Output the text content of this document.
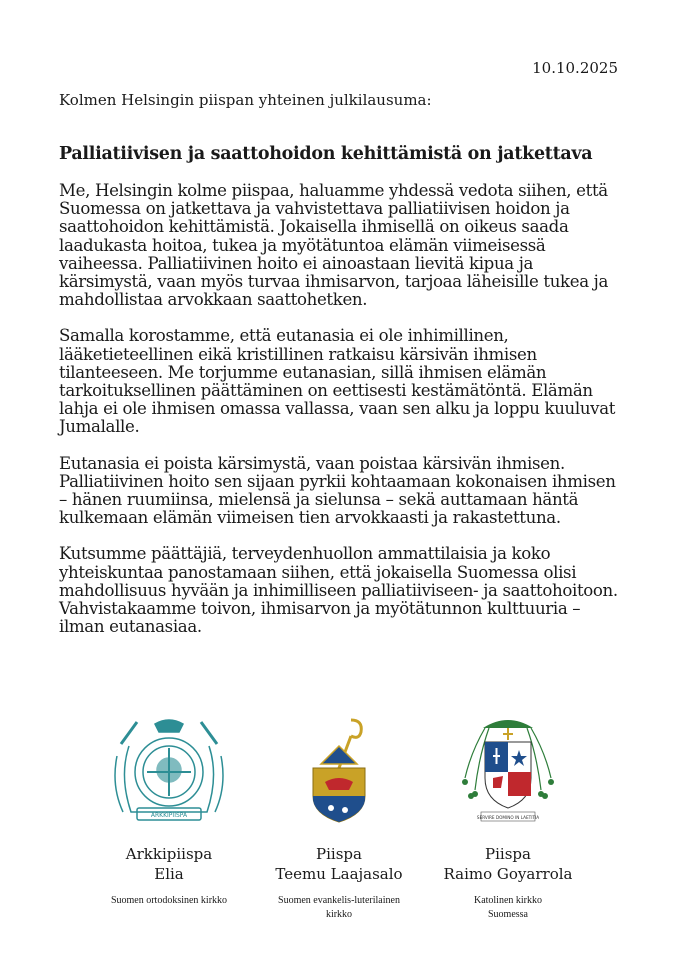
10.10.2025
Kolmen Helsingin piispan yhteinen julkilausuma:
Palliatiivisen ja saattohoidon kehittämistä on jatkettava

Me, Helsingin kolme piispaa, haluamme yhdessä vedota siihen, että Suomessa on jatkettava ja vahvistettava palliatiivisen hoidon ja saattohoidon kehittämistä. Jokaisella ihmisellä on oikeus saada laadukasta hoitoa, tukea ja myötätuntoa elämän viimeisessä vaiheessa. Palliatiivinen hoito ei ainoastaan lievitä kipua ja kärsimystä, vaan myös turvaa ihmisarvon, tarjoaa läheisille tukea ja mahdollistaa arvokkaan saattohetken.

Samalla korostamme, että eutanasia ei ole inhimillinen, lääketieteellinen eikä kristillinen ratkaisu kärsivän ihmisen tilanteeseen. Me torjumme eutanasian, sillä ihmisen elämän tarkoituksellinen päättäminen on eettisesti kestämätöntä. Elämän lahja ei ole ihmisen omassa vallassa, vaan sen alku ja loppu kuuluvat Jumalalle.

Eutanasia ei poista kärsimystä, vaan poistaa kärsivän ihmisen. Palliatiivinen hoito sen sijaan pyrkii kohtaamaan kokonaisen ihmisen – hänen ruumiinsa, mielensä ja sielunsa – sekä auttamaan häntä kulkemaan elämän viimeisen tien arvokkaasti ja rakastettuna.

Kutsumme päättäjiä, terveydenhuollon ammattilaisia ja koko yhteiskuntaa panostamaan siihen, että jokaisella Suomessa olisi mahdollisuus hyvään ja inhimilliseen palliatiiviseen- ja saattohoitoon. Vahvistakaamme toivon, ihmisarvon ja myötätunnon kulttuuria – ilman eutanasiaa.

ARKKIPIISPA
Arkkipiispa
Elia
Suomen ortodoksinen kirkko
Piispa
Teemu Laajasalo
Suomen evankelis-luterilainen
kirkko
SERVIRE DOMINO IN LAETITIA
Piispa
Raimo Goyarrola
Katolinen kirkko
Suomessa
